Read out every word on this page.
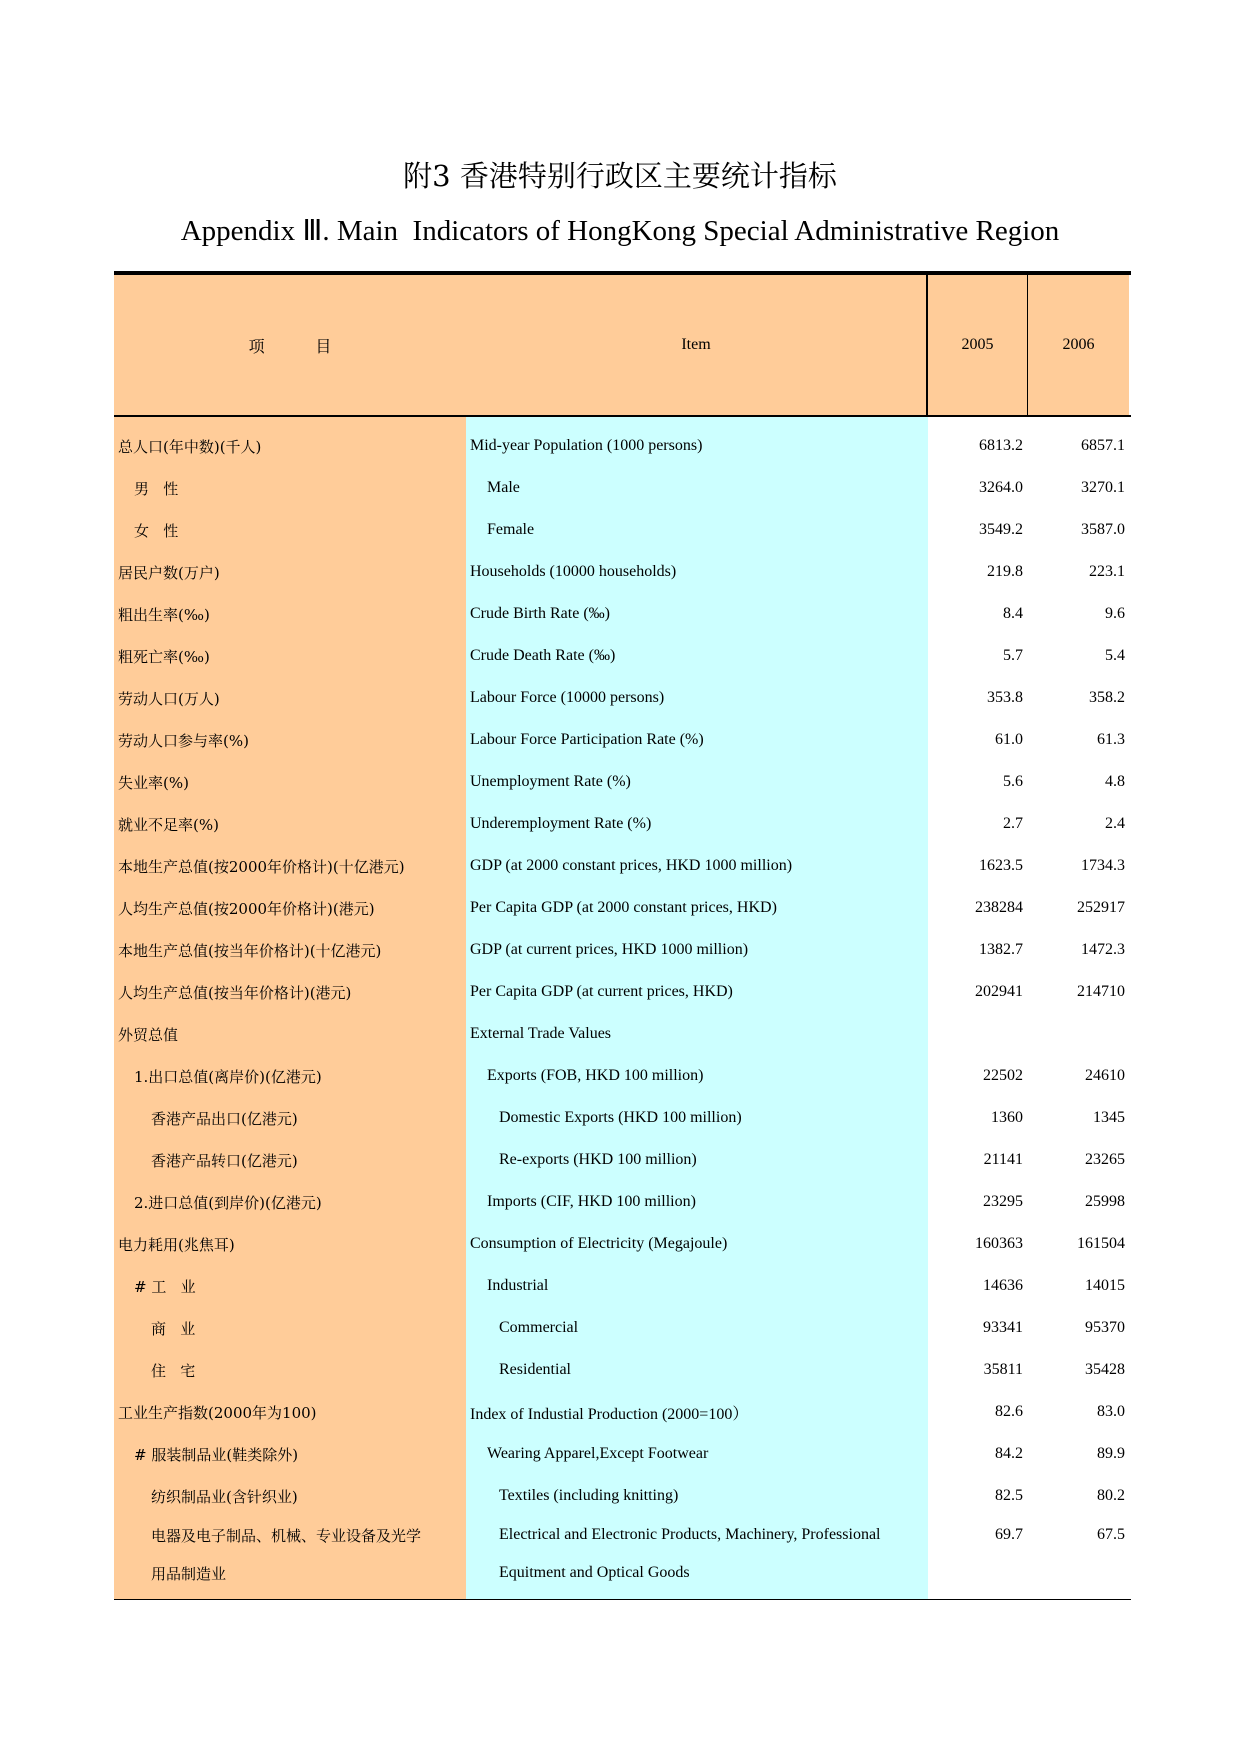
附3 香港特别行政区主要统计指标
Appendix Ⅲ. Main  Indicators of HongKong Special Administrative Region
项          目	Item	2005	2006
总人口(年中数)(千人)	Mid-year Population (1000 persons)	6813.2	6857.1
男   性	Male	3264.0	3270.1
女   性	Female	3549.2	3587.0
居民户数(万户)	Households (10000 households)	219.8	223.1
粗出生率(‰)	Crude Birth Rate (‰)	8.4	9.6
粗死亡率(‰)	Crude Death Rate (‰)	5.7	5.4
劳动人口(万人)	Labour Force (10000 persons)	353.8	358.2
劳动人口参与率(%)	Labour Force Participation Rate (%)	61.0	61.3
失业率(%)	Unemployment Rate (%)	5.6	4.8
就业不足率(%)	Underemployment Rate (%)	2.7	2.4
本地生产总值(按2000年价格计)(十亿港元)	GDP (at 2000 constant prices, HKD 1000 million)	1623.5	1734.3
人均生产总值(按2000年价格计)(港元)	Per Capita GDP (at 2000 constant prices, HKD)	238284	252917
本地生产总值(按当年价格计)(十亿港元)	GDP (at current prices, HKD 1000 million)	1382.7	1472.3
人均生产总值(按当年价格计)(港元)	Per Capita GDP (at current prices, HKD)	202941	214710
外贸总值	External Trade Values
1.出口总值(离岸价)(亿港元)	Exports (FOB, HKD 100 million)	22502	24610
香港产品出口(亿港元)	Domestic Exports (HKD 100 million)	1360	1345
香港产品转口(亿港元)	Re-exports (HKD 100 million)	21141	23265
2.进口总值(到岸价)(亿港元)	Imports (CIF, HKD 100 million)	23295	25998
电力耗用(兆焦耳)	Consumption of Electricity (Megajoule)	160363	161504
# 工   业	Industrial	14636	14015
商   业	Commercial	93341	95370
住   宅	Residential	35811	35428
工业生产指数(2000年为100)	Index of Industial Production (2000=100）	82.6	83.0
# 服装制品业(鞋类除外)	Wearing Apparel,Except Footwear	84.2	89.9
纺织制品业(含针织业)	Textiles (including knitting)	82.5	80.2
电器及电子制品、机械、专业设备及光学	Electrical and Electronic Products, Machinery, Professional	69.7	67.5
用品制造业	Equitment and Optical Goods
